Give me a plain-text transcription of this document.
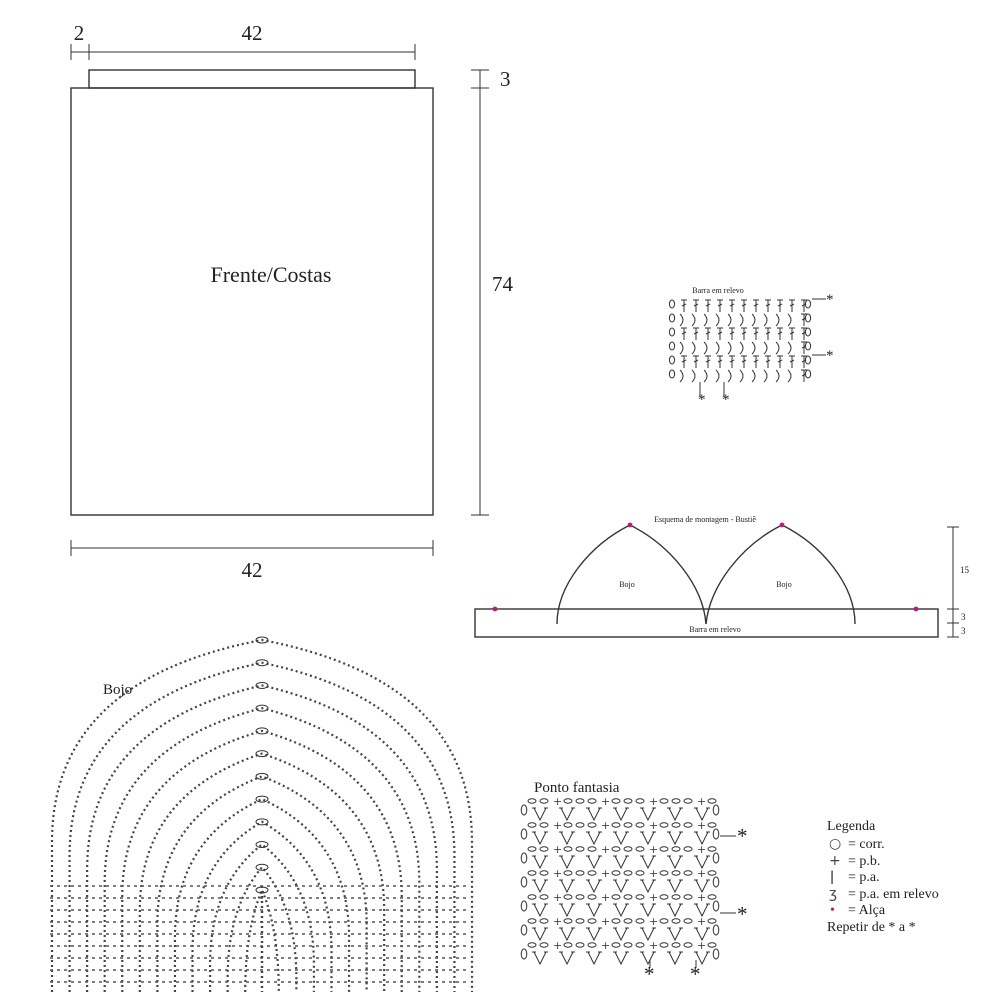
Frente/Costas
2	42
42
3
74	Barra em relevo
*
*
* *
Esquema de montagem - Bustiê
Bojo	Bojo
Barra em relevo
15
3
3
Bojo
Ponto fantasia
+	+	+	+
+	+	+	+
+	+	+	+
+	+	+	+
+	+	+	+
+	+	+	+
+	+	+	+
*
*
* *
Legenda
○ = corr.
+ = p.b.
ǀ = p.a.
ʒ = p.a. em relevo
• = Alça
Repetir de * a *
